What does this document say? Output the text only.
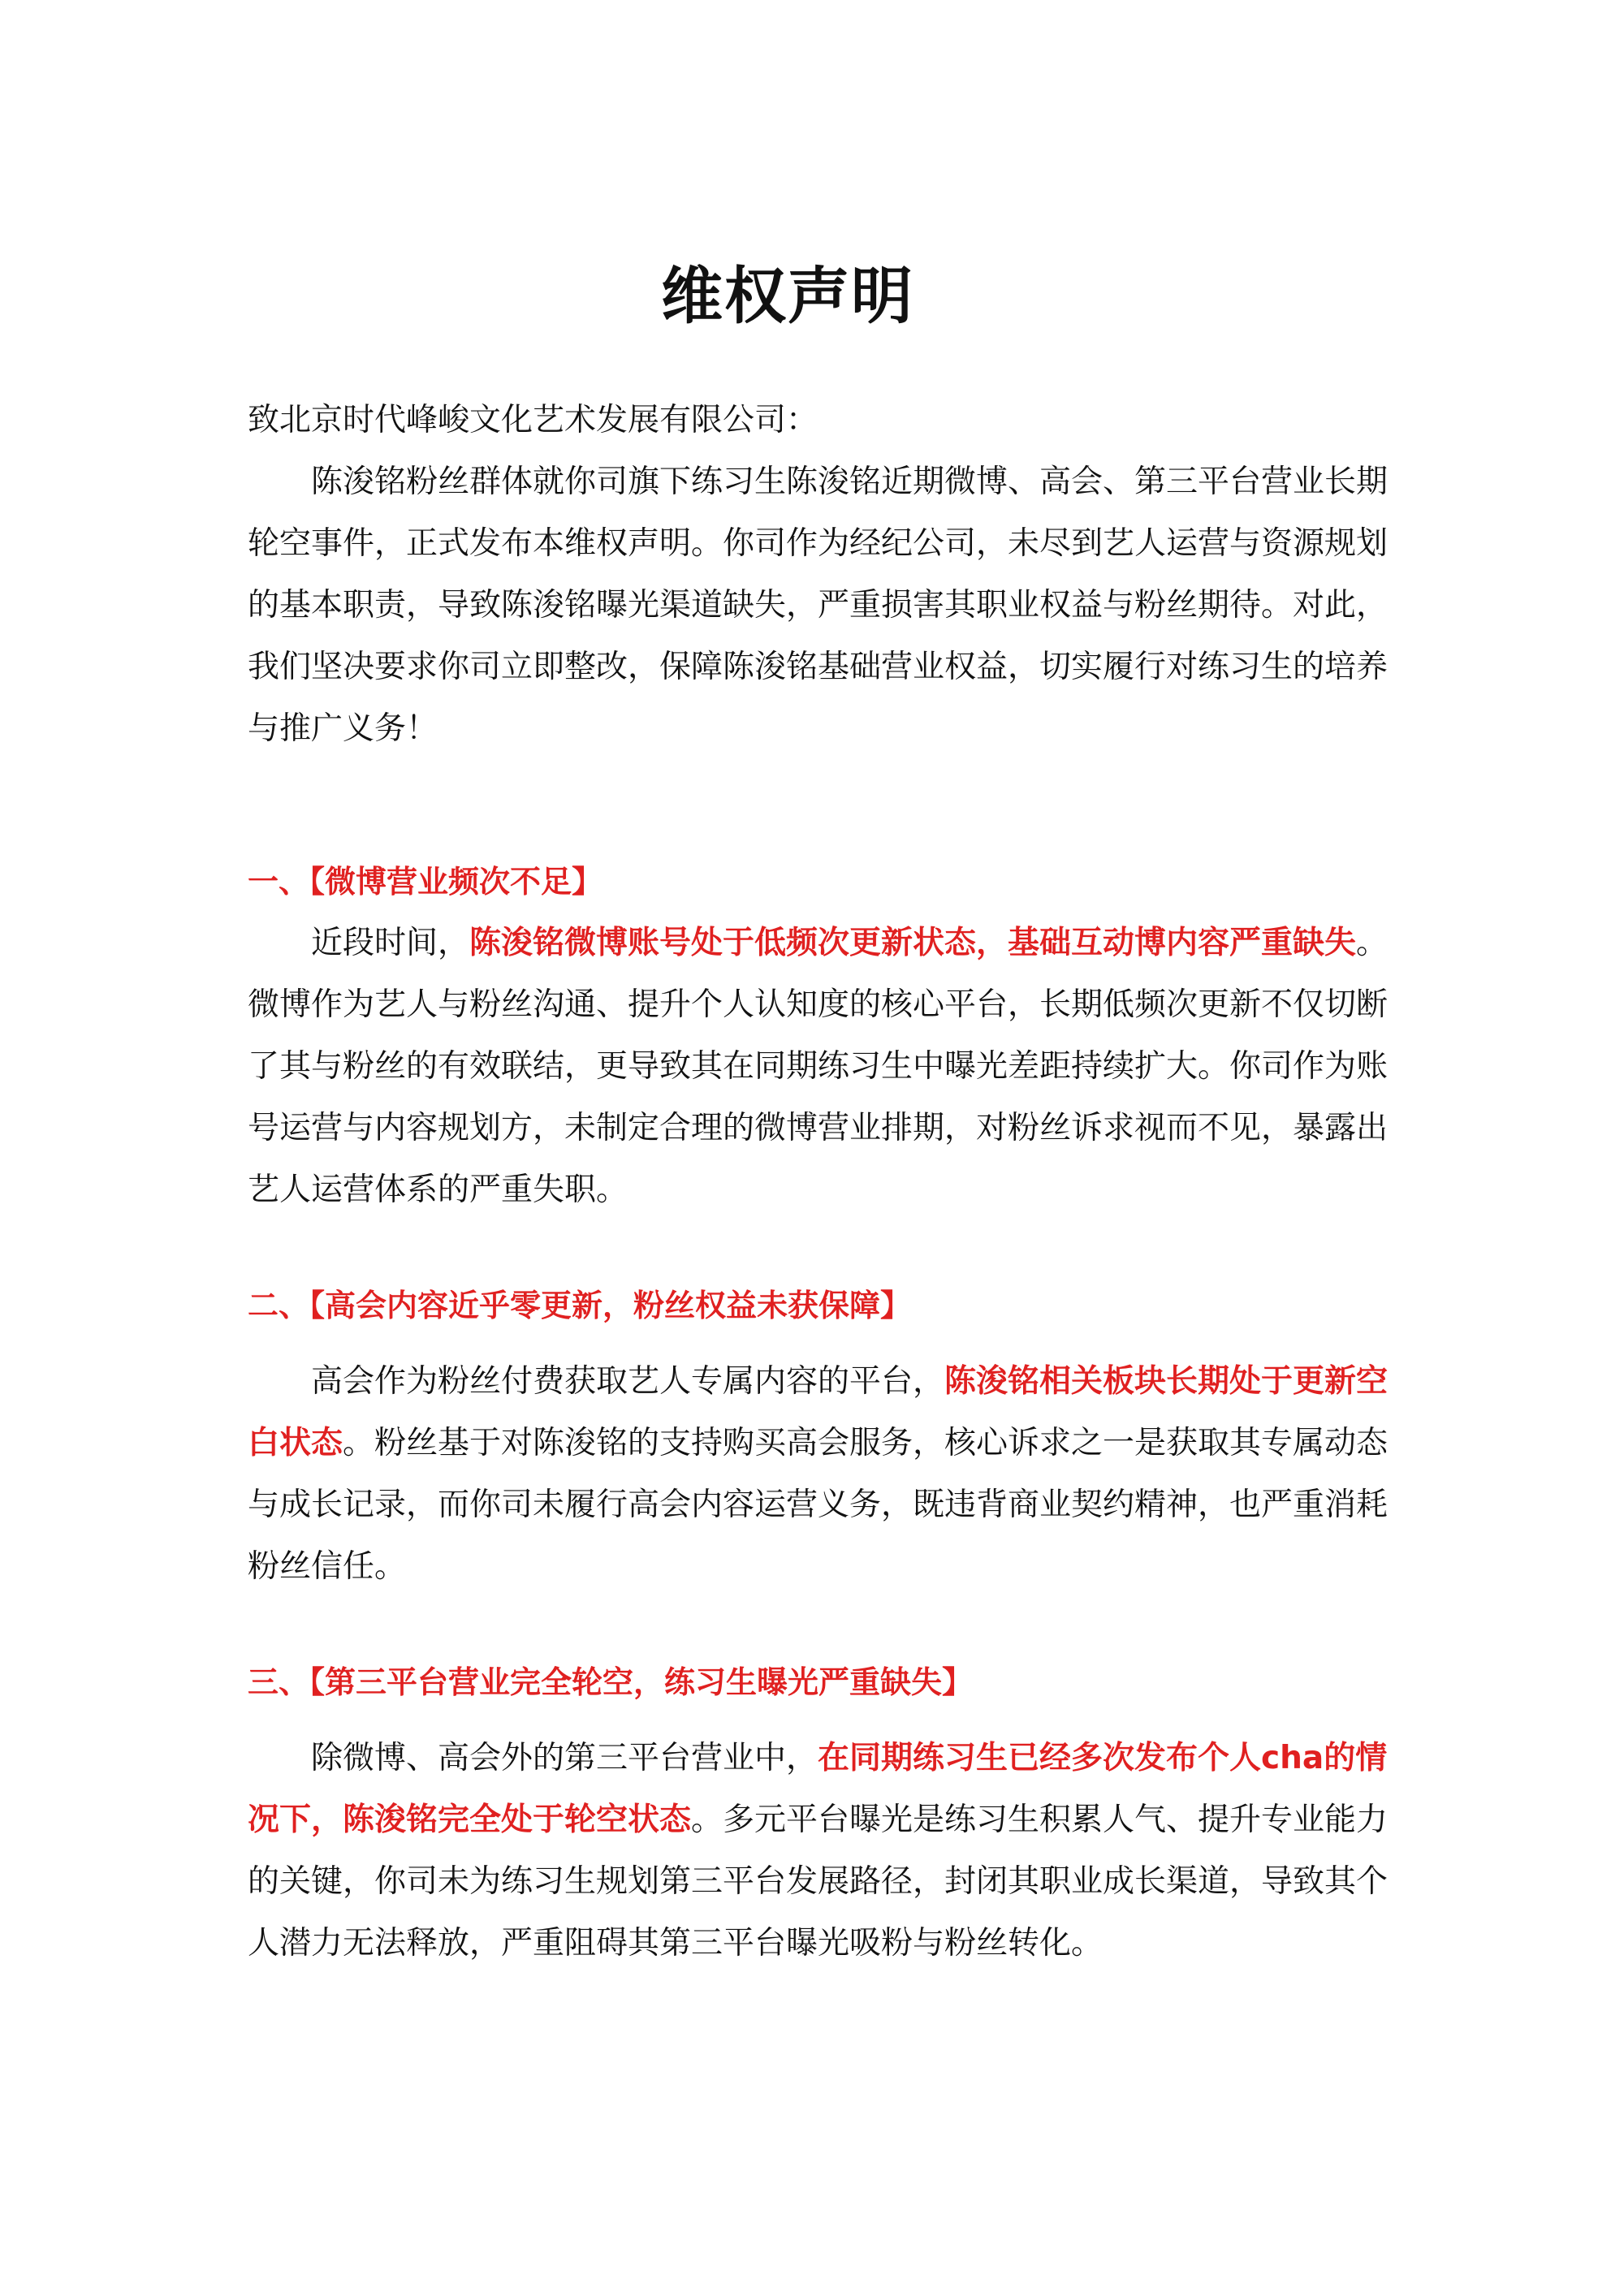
维权声明

致北京时代峰峻文化艺术发展有限公司：

陈浚铭粉丝群体就你司旗下练习生陈浚铭近期微博、高会、第三平台营业长期轮空事件，正式发布本维权声明。你司作为经纪公司，未尽到艺人运营与资源规划的基本职责，导致陈浚铭曝光渠道缺失，严重损害其职业权益与粉丝期待。对此，我们坚决要求你司立即整改，保障陈浚铭基础营业权益，切实履行对练习生的培养与推广义务！

一、【微博营业频次不足】

近段时间，陈浚铭微博账号处于低频次更新状态，基础互动博内容严重缺失。微博作为艺人与粉丝沟通、提升个人认知度的核心平台，长期低频次更新不仅切断了其与粉丝的有效联结，更导致其在同期练习生中曝光差距持续扩大。你司作为账号运营与内容规划方，未制定合理的微博营业排期，对粉丝诉求视而不见，暴露出艺人运营体系的严重失职。

二、【高会内容近乎零更新，粉丝权益未获保障】

高会作为粉丝付费获取艺人专属内容的平台，陈浚铭相关板块长期处于更新空白状态。粉丝基于对陈浚铭的支持购买高会服务，核心诉求之一是获取其专属动态与成长记录，而你司未履行高会内容运营义务，既违背商业契约精神，也严重消耗粉丝信任。

三、【第三平台营业完全轮空，练习生曝光严重缺失】

除微博、高会外的第三平台营业中，在同期练习生已经多次发布个人cha的情况下，陈浚铭完全处于轮空状态。多元平台曝光是练习生积累人气、提升专业能力的关键，你司未为练习生规划第三平台发展路径，封闭其职业成长渠道，导致其个人潜力无法释放，严重阻碍其第三平台曝光吸粉与粉丝转化。
